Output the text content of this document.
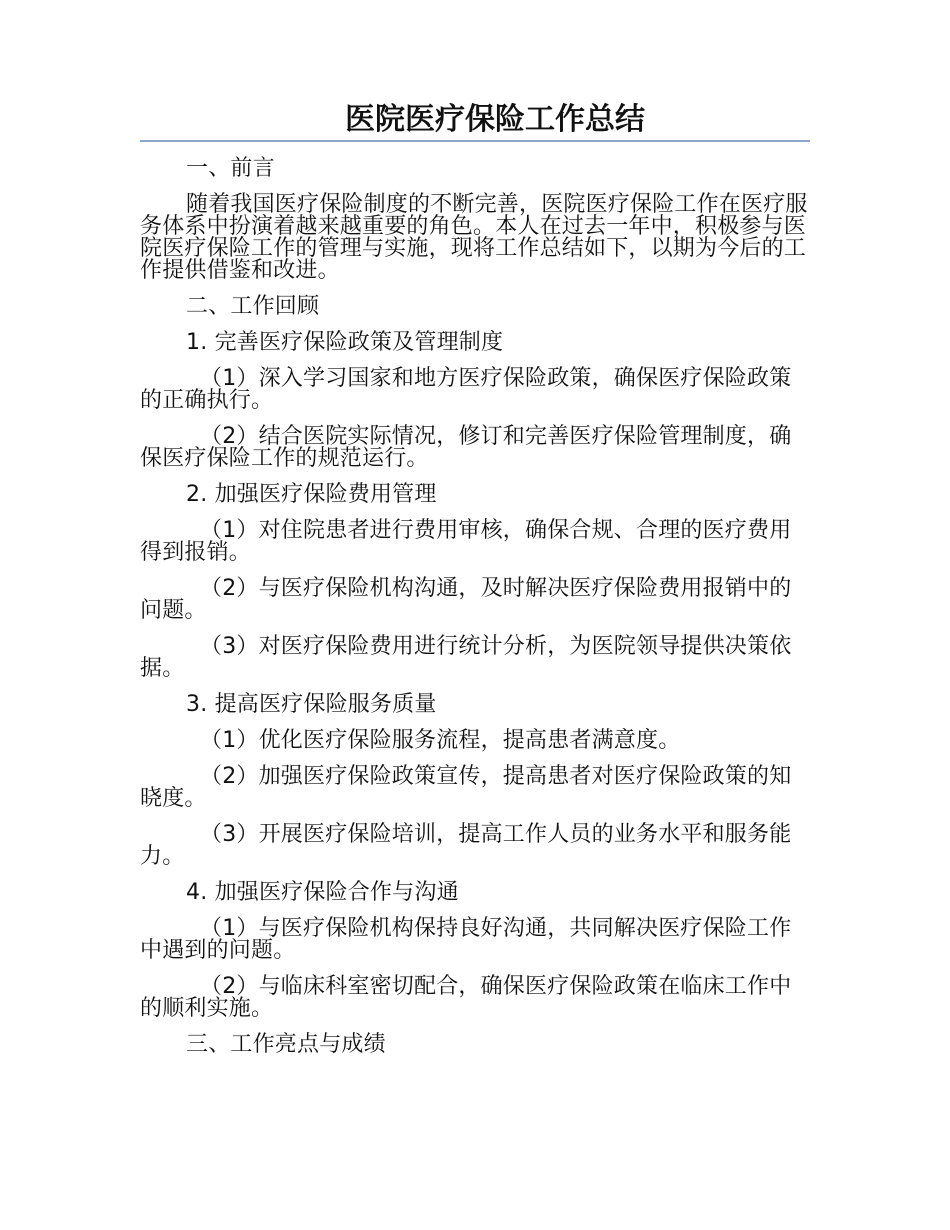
医院医疗保险工作总结

一、前言

随着我国医疗保险制度的不断完善，医院医疗保险工作在医疗服务体系中扮演着越来越重要的角色。本人在过去一年中，积极参与医院医疗保险工作的管理与实施，现将工作总结如下，以期为今后的工作提供借鉴和改进。

二、工作回顾

1. 完善医疗保险政策及管理制度

（1）深入学习国家和地方医疗保险政策，确保医疗保险政策的正确执行。

（2）结合医院实际情况，修订和完善医疗保险管理制度，确保医疗保险工作的规范运行。

2. 加强医疗保险费用管理

（1）对住院患者进行费用审核，确保合规、合理的医疗费用得到报销。

（2）与医疗保险机构沟通，及时解决医疗保险费用报销中的问题。

（3）对医疗保险费用进行统计分析，为医院领导提供决策依据。

3. 提高医疗保险服务质量

（1）优化医疗保险服务流程，提高患者满意度。

（2）加强医疗保险政策宣传，提高患者对医疗保险政策的知晓度。

（3）开展医疗保险培训，提高工作人员的业务水平和服务能力。

4. 加强医疗保险合作与沟通

（1）与医疗保险机构保持良好沟通，共同解决医疗保险工作中遇到的问题。

（2）与临床科室密切配合，确保医疗保险政策在临床工作中的顺利实施。

三、工作亮点与成绩
